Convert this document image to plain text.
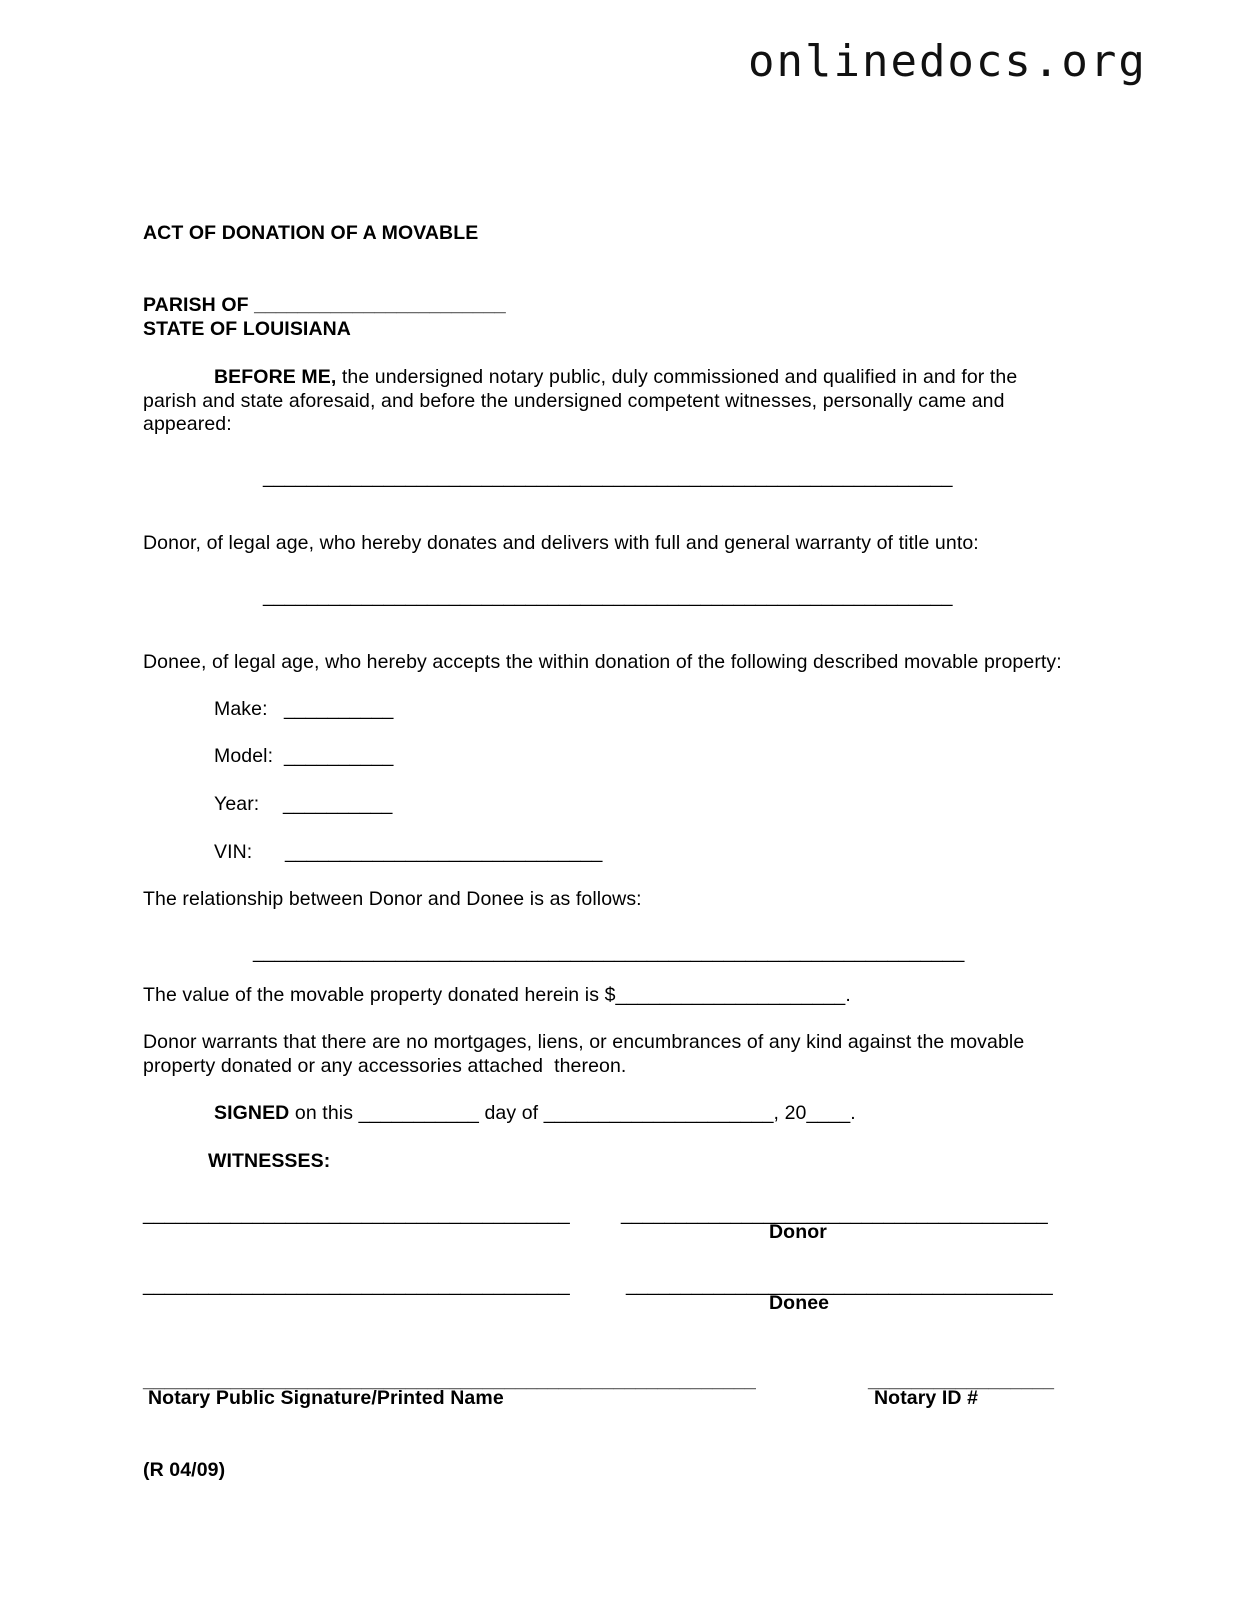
onlinedocs.org
ACT OF DONATION OF A MOVABLE
PARISH OF _______________________
STATE OF LOUISIANA
BEFORE ME, the undersigned notary public, duly commissioned and qualified in and for the
parish and state aforesaid, and before the undersigned competent witnesses, personally came and
appeared:
_______________________________________________________________
Donor, of legal age, who hereby donates and delivers with full and general warranty of title unto:
_______________________________________________________________
Donee, of legal age, who hereby accepts the within donation of the following described movable property:
Make: __________
Model: __________
Year: __________
VIN: _____________________________
The relationship between Donor and Donee is as follows:
_________________________________________________________________
The value of the movable property donated herein is $_____________________.
Donor warrants that there are no mortgages, liens, or encumbrances of any kind against the movable
property donated or any accessories attached  thereon.
SIGNED on this ___________ day of _____________________, 20____.
WITNESSES:
_______________________________________	_______________________________________
Donor
_______________________________________	_______________________________________
Donee
________________________________________________________
Notary Public Signature/Printed Name
_________________
Notary ID #
(R 04/09)
